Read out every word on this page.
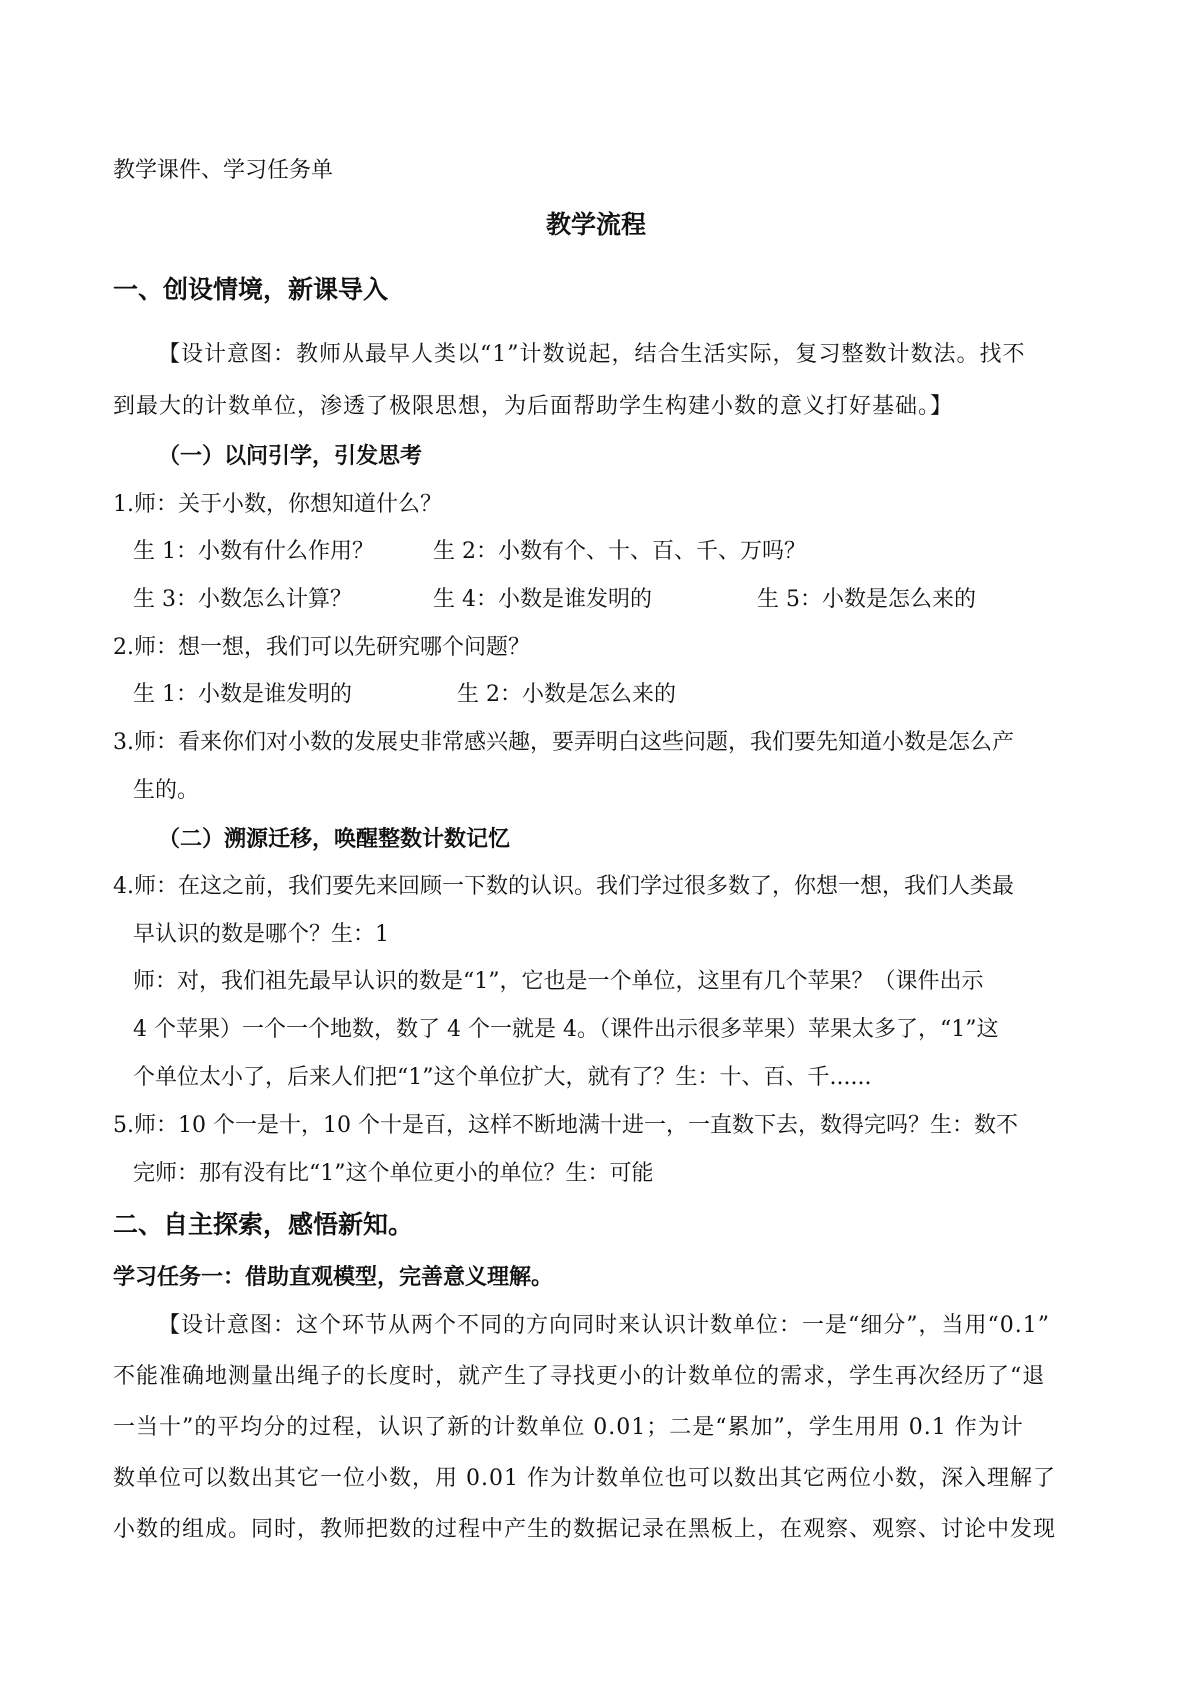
教学课件、学习任务单
教学流程
一、创设情境，新课导入
【设计意图：教师从最早人类以“1”计数说起，结合生活实际，复习整数计数法。找不
到最大的计数单位，渗透了极限思想，为后面帮助学生构建小数的意义打好基础。】
（一）以问引学，引发思考
1.师：关于小数，你想知道什么？
生 1：小数有什么作用？	生 2：小数有个、十、百、千、万吗？
生 3：小数怎么计算？	生 4：小数是谁发明的	生 5：小数是怎么来的
2.师：想一想，我们可以先研究哪个问题？
生 1：小数是谁发明的	生 2：小数是怎么来的
3.师：看来你们对小数的发展史非常感兴趣，要弄明白这些问题，我们要先知道小数是怎么产
生的。
（二）溯源迁移，唤醒整数计数记忆
4.师：在这之前，我们要先来回顾一下数的认识。我们学过很多数了，你想一想，我们人类最
早认识的数是哪个？生：1
师：对，我们祖先最早认识的数是“1”，它也是一个单位，这里有几个苹果？（课件出示
4 个苹果）一个一个地数，数了 4 个一就是 4。（课件出示很多苹果）苹果太多了，“1”这
个单位太小了，后来人们把“1”这个单位扩大，就有了？生：十、百、千......
5.师：10 个一是十，10 个十是百，这样不断地满十进一，一直数下去，数得完吗？生：数不
完师：那有没有比“1”这个单位更小的单位？生：可能
二、自主探索，感悟新知。
学习任务一：借助直观模型，完善意义理解。
【设计意图：这个环节从两个不同的方向同时来认识计数单位：一是“细分”，当用“0.1”
不能准确地测量出绳子的长度时，就产生了寻找更小的计数单位的需求，学生再次经历了“退
一当十”的平均分的过程，认识了新的计数单位 0.01；二是“累加”，学生用用 0.1 作为计
数单位可以数出其它一位小数，用 0.01 作为计数单位也可以数出其它两位小数，深入理解了
小数的组成。同时，教师把数的过程中产生的数据记录在黑板上，在观察、观察、讨论中发现
